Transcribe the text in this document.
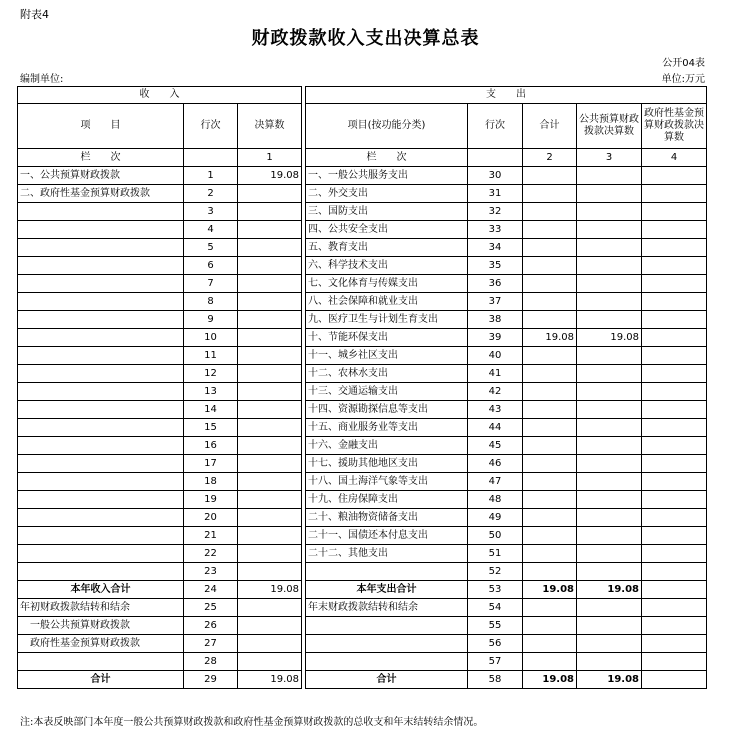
附表4
财政拨款收入支出决算总表
公开04表
编制单位:	单位:万元
收　　入				支　　出				
项　　目	行次	决算数		项目(按功能分类)	行次	合计	公共预算财政拨款决算数	政府性基金预算财政拨款决算数
栏　　次		1		栏　　次		2	3	4
一、公共预算财政拨款	1	19.08		一、一般公共服务支出	30			
二、政府性基金预算财政拨款	2			二、外交支出	31			
	3			三、国防支出	32			
	4			四、公共安全支出	33			
	5			五、教育支出	34			
	6			六、科学技术支出	35			
	7			七、文化体育与传媒支出	36			
	8			八、社会保障和就业支出	37			
	9			九、医疗卫生与计划生育支出	38			
	10			十、节能环保支出	39	19.08	19.08	
	11			十一、城乡社区支出	40			
	12			十二、农林水支出	41			
	13			十三、交通运输支出	42			
	14			十四、资源勘探信息等支出	43			
	15			十五、商业服务业等支出	44			
	16			十六、金融支出	45			
	17			十七、援助其他地区支出	46			
	18			十八、国土海洋气象等支出	47			
	19			十九、住房保障支出	48			
	20			二十、粮油物资储备支出	49			
	21			二十一、国债还本付息支出	50			
	22			二十二、其他支出	51			
	23				52			
本年收入合计	24	19.08		本年支出合计	53	19.08	19.08	
年初财政拨款结转和结余	25			年末财政拨款结转和结余	54			
　一般公共预算财政拨款	26				55			
　政府性基金预算财政拨款	27				56			
	28				57			
合计	29	19.08		合计	58	19.08	19.08	
注:本表反映部门本年度一般公共预算财政拨款和政府性基金预算财政拨款的总收支和年末结转结余情况。
